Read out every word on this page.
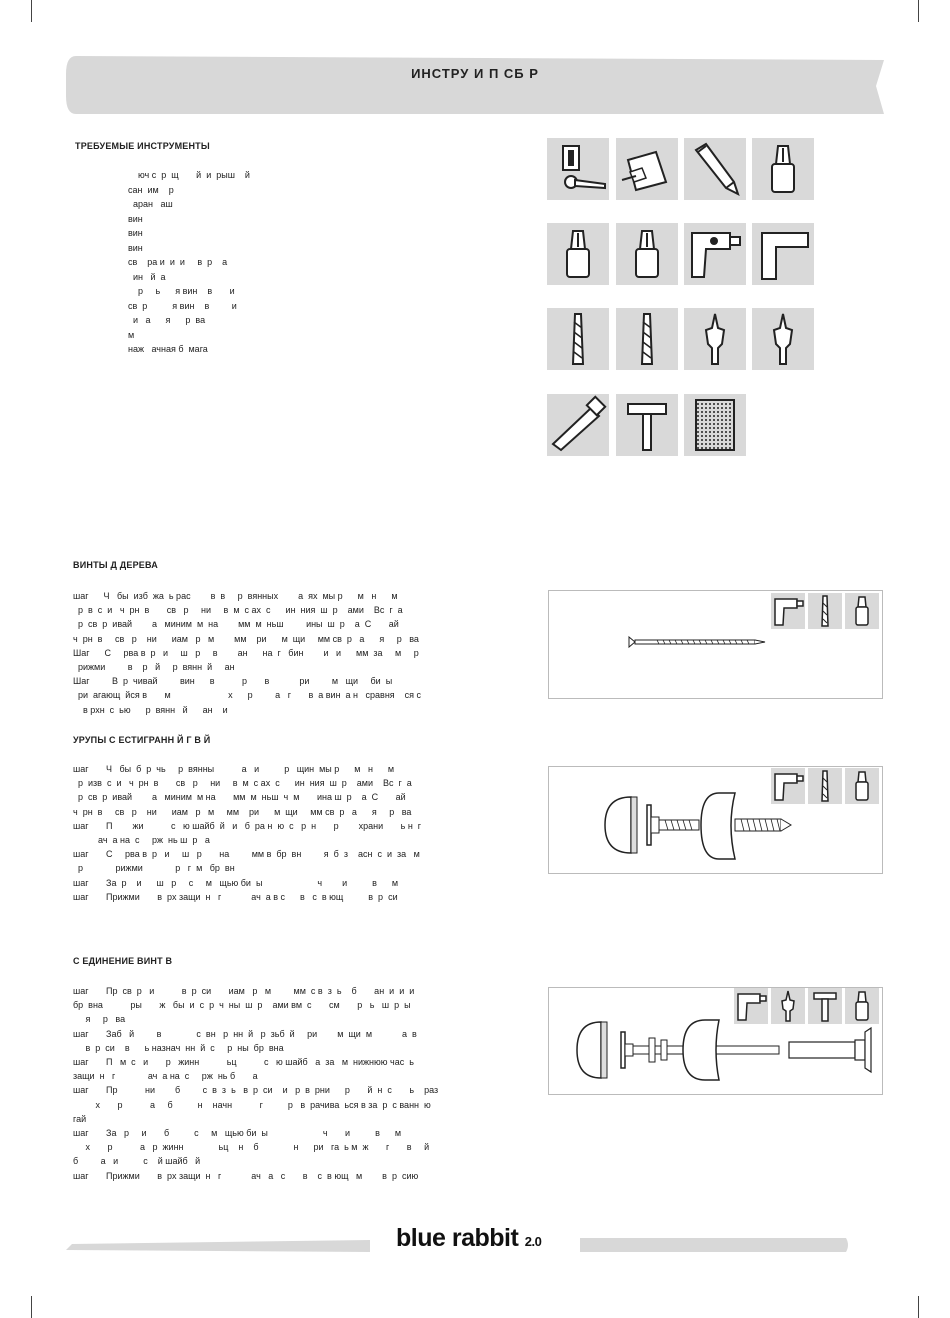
ИНСТРУ И П СБ Р
ТРЕБУЕМЫЕ ИНСТРУМЕНТЫ
юч с  р  щ       й  и  рыш    й
сан  им    р
аран   аш
вин
вин
вин
св    ра и  и  и     в  р    а
ин   й  а
р     ь      я вин    в       и
св  р          я вин    в         и
и   а      я      р  ва
м
наж   ачная б  мага
ВИНТЫ Д ДЕРЕВА
шаг      Ч   бы  изб  жа  ь рас        в  в     р  вянных        а  ях  мы р      м   н      м
р  в  с  и   ч  рн  в       св   р     ни     в  м  с ах  с      ин  ния  ш  р    ами    Вс  г  а
р  св  р  ивай        а   миним  м  на        мм  м  ньш         ины  ш  р    а  С       ай
ч  рн  в     св   р    ни      иам   р   м        мм    ри      м  щи     мм св  р   а      я     р   ва
Шаг      С     рва в  р   и     ш   р     в        ан      на  г   бин        и   и      мм  за     м     р
рижми         в    р   й     р  вянн  й     ан
Шаг         В  р  чивай         вин      в           р       в            ри         м   щи     би  ы
ри  агающ  йся в       м                       х      р         а   г       в  а вин  а н   сравня    ся с
в рхн  с  ью      р  вянн   й      ан    и
УРУПЫ С ЕСТИГРАНН Й Г В Й
шаг       Ч   бы  б  р  чь     р  вянны           а   и          р   щин  мы р      м   н      м
р  изв  с  и   ч  рн  в       св   р     ни     в  м  с ах  с      ин  ния  ш  р    ами    Вс  г  а
р  св  р  ивай        а   миним  м на       мм  м  ньш  ч  м       ина ш  р    а  С       ай
ч  рн  в     св   р    ни      иам   р   м     мм    ри      м  щи     мм св  р   а      я     р   ва
шаг       П        жи           с   ю шайб  й   и   б  ра н  ю  с   р  н       р        храни       ь н  г
ач  а на  с     рж  нь ш  р   а
шаг       С     рва в  р   и     ш   р       на         мм в  бр  вн         я  б  з    асн  с  и  за   м
р             рижми             р   г  м   бр  вн
шаг       За  р    и      ш   р     с     м   щью би  ы                      ч        и          в      м
шаг       Прижми       в  рх защи  н   г            ач  а в с      в   с  в ющ          в  р  си
С ЕДИНЕНИЕ ВИНТ В
шаг       Пр  св  р   и           в  р  си       иам   р   м         мм  с в  з  ь    б       ан  и  и  и
бр  вна           ры       ж   бы  и  с  р  ч  ны  ш  р    ами вм  с       см       р   ь   ш  р  ы
я     р   ва
шаг       Заб   й         в              с  вн   р  нн  й   р  зьб  й     ри        м  щи  м            а  в
в  р  си    в      ь назнач  нн  й  с     р  ны  бр  вна
шаг       П   м  с   и       р   жинн           ьц           с   ю шайб   а  за   м  нижнюю час  ь
защи  н   г             ач  а на  с     рж  нь б       а
шаг       Пр           ни        б         с  в  з  ь   в  р  си    и   р  в  рни      р       й  н  с       ь    раз
х       р           а     б          н    начн           г          р   в  рачива  ься в за  р  с ванн  ю
гай
шаг       За   р     и       б          с     м   щью би  ы                      ч       и          в      м
х       р           а   р  жинн              ьц    н    б              н      ри   га  ь м  ж       г       в     й
б         а   и          с    й шайб   й
шаг       Прижми       в  рх защи  н   г            ач   а   с       в    с  в ющ   м        в  р  сию
blue rabbit 2.0
